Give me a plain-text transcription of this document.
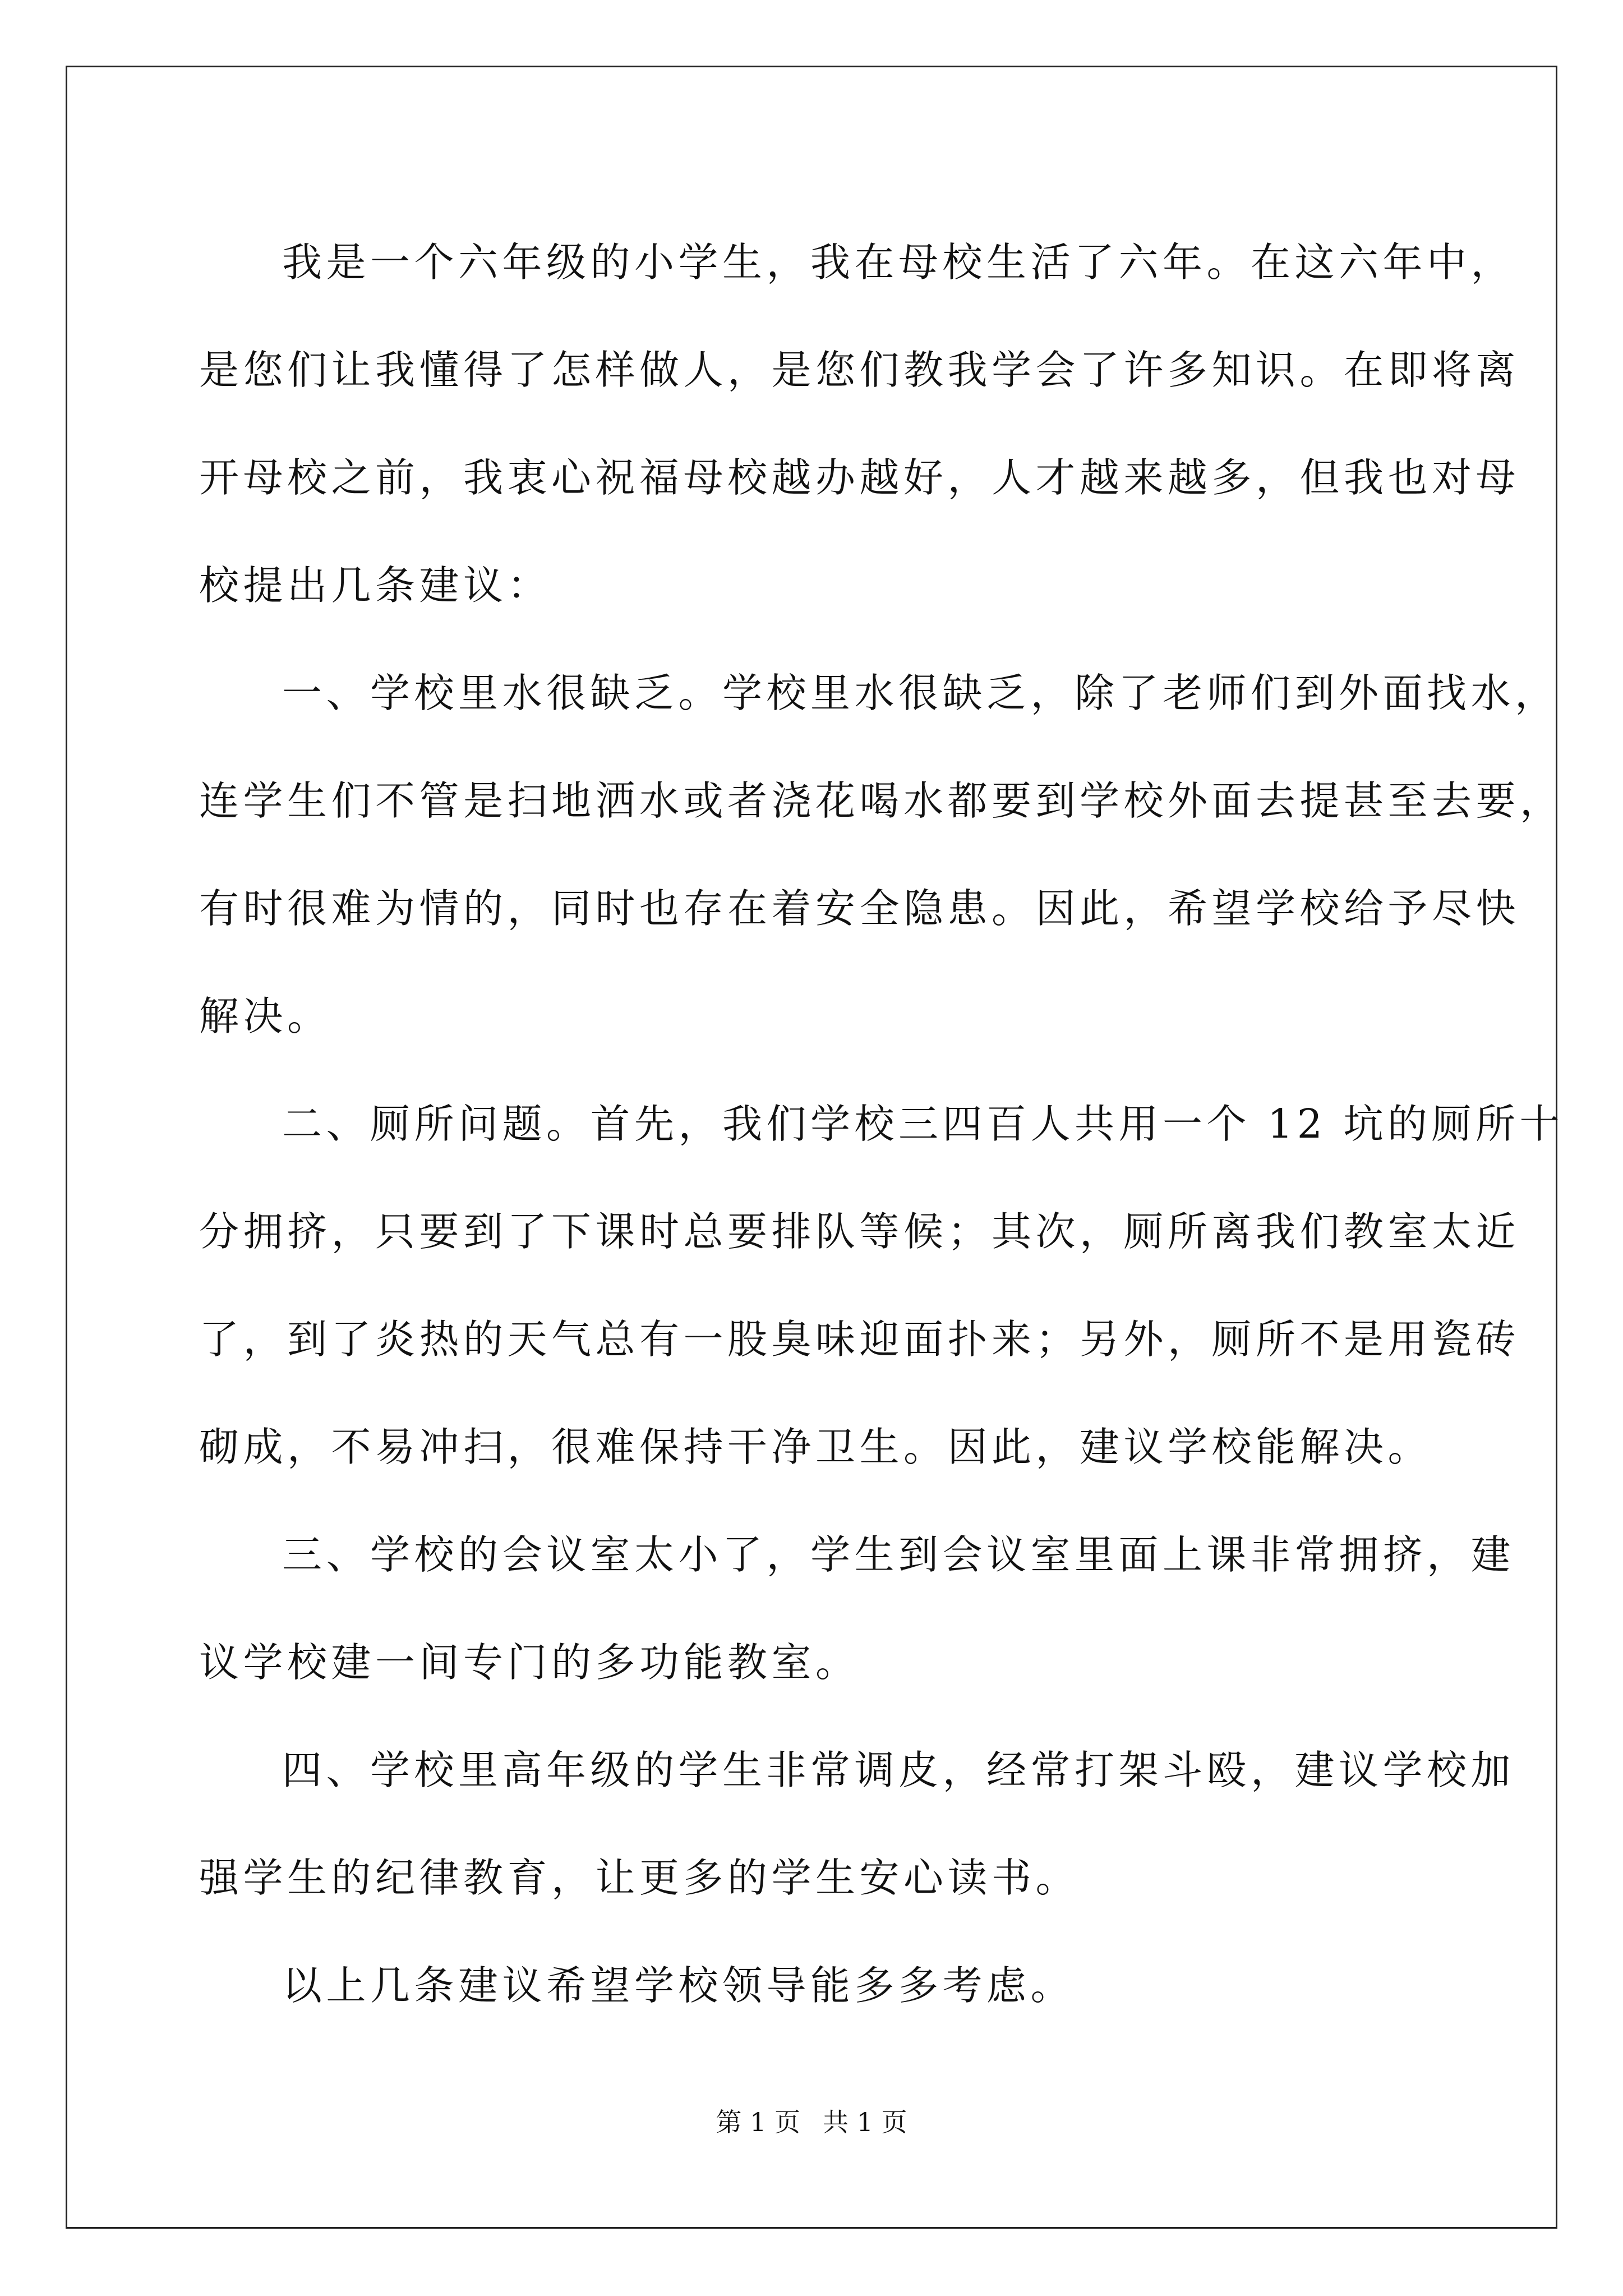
我是一个六年级的小学生，我在母校生活了六年。在这六年中，
是您们让我懂得了怎样做人，是您们教我学会了许多知识。在即将离
开母校之前，我衷心祝福母校越办越好，人才越来越多，但我也对母
校提出几条建议：
一、学校里水很缺乏。学校里水很缺乏，除了老师们到外面找水，
连学生们不管是扫地洒水或者浇花喝水都要到学校外面去提甚至去要，
有时很难为情的，同时也存在着安全隐患。因此，希望学校给予尽快
解决。
二、厕所问题。首先，我们学校三四百人共用一个 12 坑的厕所十
分拥挤，只要到了下课时总要排队等候；其次，厕所离我们教室太近
了，到了炎热的天气总有一股臭味迎面扑来；另外，厕所不是用瓷砖
砌成，不易冲扫，很难保持干净卫生。因此，建议学校能解决。
三、学校的会议室太小了，学生到会议室里面上课非常拥挤，建
议学校建一间专门的多功能教室。
四、学校里高年级的学生非常调皮，经常打架斗殴，建议学校加
强学生的纪律教育，让更多的学生安心读书。
以上几条建议希望学校领导能多多考虑。
第 1 页 共 1 页
